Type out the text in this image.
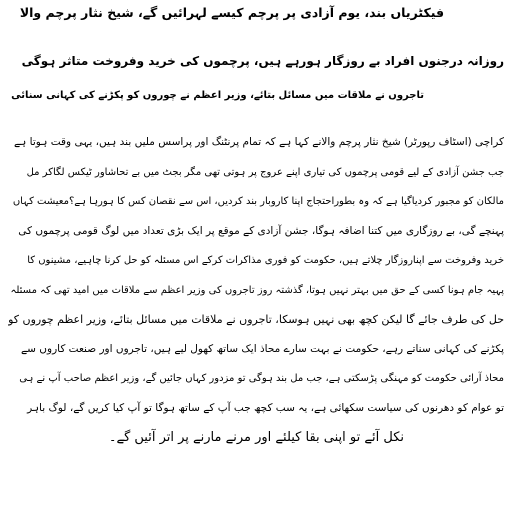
فیکٹریاں بند، یوم آزادی پر پرچم کیسے لہرائیں گے، شیخ نثار پرچم والا
روزانہ درجنوں افراد بے روزگار ہورہے ہیں، پرچموں کی خرید وفروخت متاثر ہوگی
تاجروں نے ملاقات میں مسائل بتائے، وزیر اعظم نے چوروں کو پکڑنے کی کہانی سنائی
کراچی (اسٹاف رپورٹر) شیخ نثار پرچم والانے کہا ہے کہ تمام پرنٹنگ اور پراسس ملیں بند ہیں، یہی وقت ہوتا ہے
جب جشن آزادی کے لیے قومی پرچموں کی تیاری اپنے عروج پر ہوتی تھی مگر بجٹ میں بے تحاشاور ٹیکس لگاکر مل
مالکان کو مجبور کردیاگیا ہے کہ وہ بطوراحتجاج اپنا کاروبار بند کردیں، اس سے نقصان کس کا ہورہا ہے؟معیشت کہاں
پہنچے گی، بے روزگاری میں کتنا اضافہ ہوگا، جشن آزادی کے موقع پر ایک بڑی تعداد میں لوگ قومی پرچموں کی
خرید وفروخت سے اپناروزگار چلاتے ہیں، حکومت کو فوری مذاکرات کرکے اس مسئلہ کو حل کرنا چاہیے، مشینوں کا
پہیہ جام ہونا کسی کے حق میں بہتر نہیں ہوتا، گذشتہ روز تاجروں کی وزیر اعظم سے ملاقات میں امید تھی کہ مسئلہ
حل کی طرف جائے گا لیکن کچھ بھی نہیں ہوسکا، تاجروں نے ملاقات میں مسائل بتائے، وزیر اعظم چوروں کو
پکڑنے کی کہانی سناتے رہے، حکومت نے بہت سارے محاذ ایک ساتھ کھول لیے ہیں، تاجروں اور صنعت کاروں سے
محاذ آرائی حکومت کو مہنگی پڑسکتی ہے، جب مل بند ہوگی تو مزدور کہاں جائیں گے، وزیر اعظم صاحب آپ نے ہی
تو عوام کو دھرنوں کی سیاست سکھائی ہے، یہ سب کچھ جب آپ کے ساتھ ہوگا تو آپ کیا کریں گے، لوگ باہر
نکل آئے تو اپنی بقا کیلئے اور مرنے مارنے پر اتر آئیں گے۔
